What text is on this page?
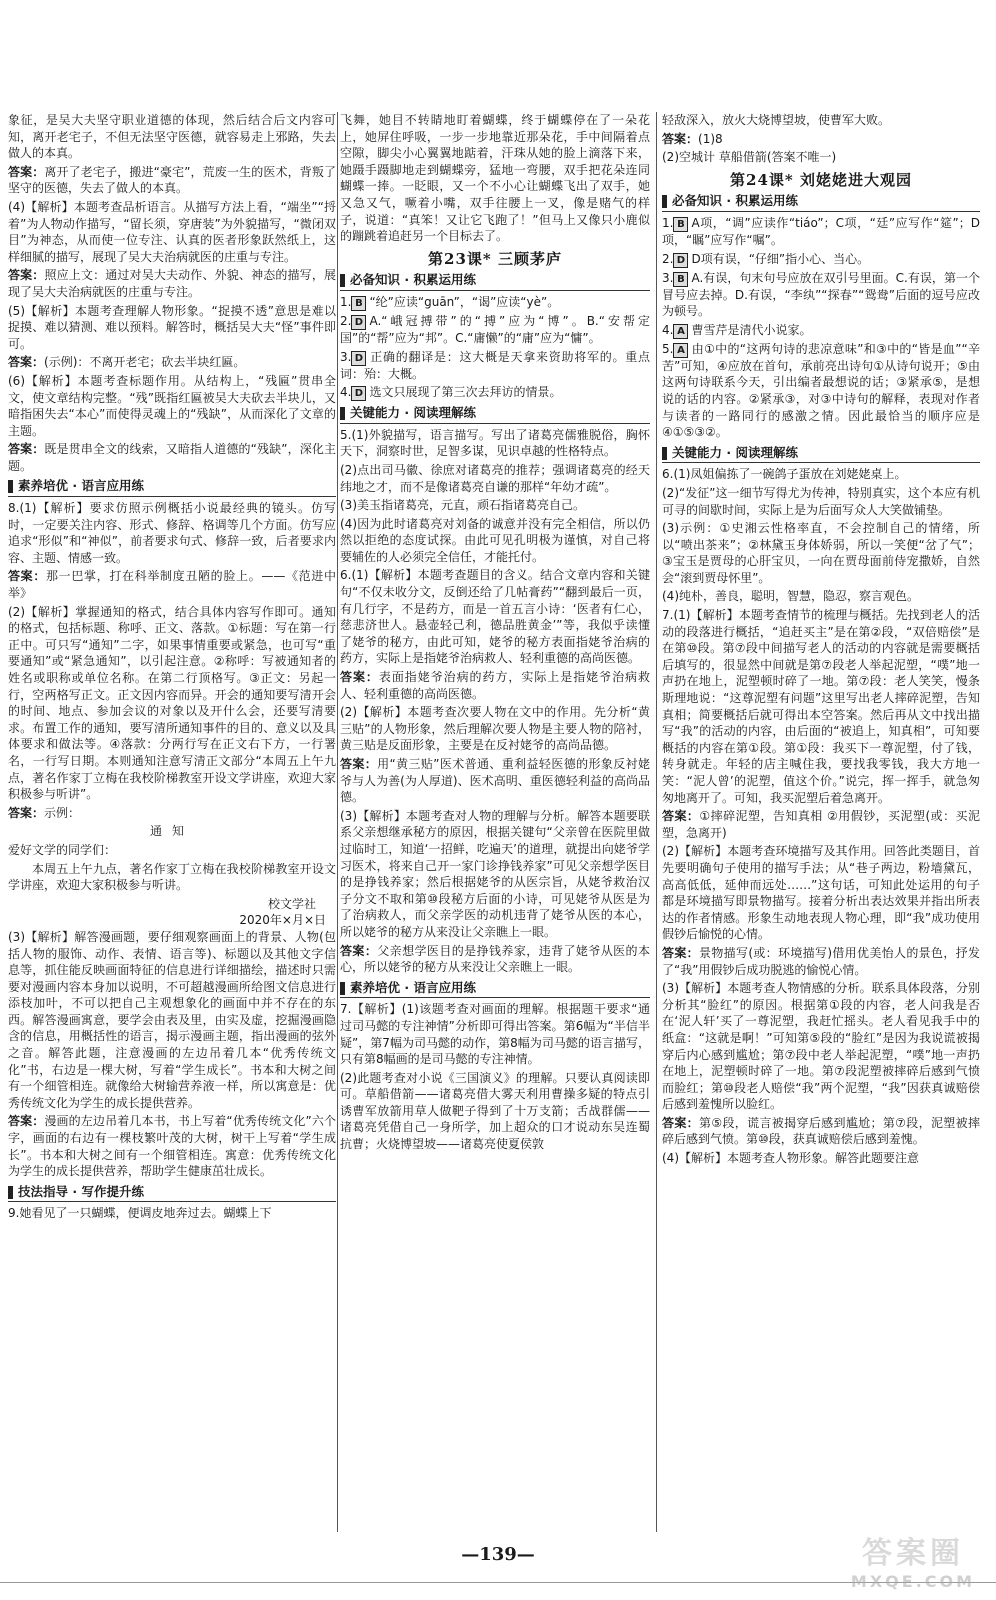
象征，是吴大夫坚守职业道德的体现，然后结合后文内容可知，离开老宅子，不但无法坚守医德，就容易走上邪路，失去做人的本真。

答案：离开了老宅子，搬进“豪宅”，荒废一生的医术，背叛了坚守的医德，失去了做人的本真。

(4)【解析】本题考查品析语言。从描写方法上看，“端坐”“捋着”为人物动作描写，“留长须，穿唐装”为外貌描写，“微闭双目”为神态，从而使一位专注、认真的医者形象跃然纸上，这样细腻的描写，展现了吴大夫治病就医的庄重与专注。

答案：照应上文：通过对吴大夫动作、外貌、神态的描写，展现了吴大夫治病就医的庄重与专注。

(5)【解析】本题考查理解人物形象。“捉摸不透”意思是难以捉摸、难以猜测、难以预料。解答时，概括吴大夫“怪”事件即可。

答案：(示例)：不离开老宅；砍去半块红匾。

(6)【解析】本题考查标题作用。从结构上，“残匾”贯串全文，使文章结构完整。“残”既指红匾被吴大夫砍去半块儿，又暗指困失去“本心”而使得灵魂上的“残缺”，从而深化了文章的主题。

答案：既是贯串全文的线索，又暗指人道德的“残缺”，深化主题。

素养培优 · 语言应用练

8.(1)【解析】要求仿照示例概括小说最经典的镜头。仿写时，一定要关注内容、形式、修辞、格调等几个方面。仿写应追求“形似”和“神似”，前者要求句式、修辞一致，后者要求内容、主题、情感一致。

答案：那一巴掌，打在科举制度丑陋的脸上。——《范进中举》

(2)【解析】掌握通知的格式，结合具体内容写作即可。通知的格式，包括标题、称呼、正文、落款。①标题：写在第一行正中。可只写“通知”二字，如果事情重要或紧急，也可写“重要通知”或“紧急通知”，以引起注意。②称呼：写被通知者的姓名或职称或单位名称。在第二行顶格写。③正文：另起一行，空两格写正文。正文因内容而异。开会的通知要写清开会的时间、地点、参加会议的对象以及开什么会，还要写清要求。布置工作的通知，要写清所通知事件的目的、意义以及具体要求和做法等。④落款：分两行写在正文右下方，一行署名，一行写日期。本则通知注意写清正文部分“本周五上午九点，著名作家丁立梅在我校阶梯教室开设文学讲座，欢迎大家积极参与听讲”。

答案：示例：

通知

爱好文学的同学们：

本周五上午九点，著名作家丁立梅在我校阶梯教室开设文学讲座，欢迎大家积极参与听讲。

校文学社

2020年×月×日

(3)【解析】解答漫画题，要仔细观察画面上的背景、人物(包括人物的服饰、动作、表情、语言等)、标题以及其他文字信息等，抓住能反映画面特征的信息进行详细描绘，描述时只需要对漫画内容本身加以说明，不可超越漫画所给图文信息进行添枝加叶，不可以把自己主观想象化的画面中并不存在的东西。解答漫画寓意，要学会由表及里，由实及虚，挖掘漫画隐含的信息，用概括性的语言，揭示漫画主题，指出漫画的弦外之音。解答此题，注意漫画的左边吊着几本“优秀传统文化”书，右边是一棵大树，写着“学生成长”。书本和大树之间有一个细管相连。就像给大树输营养液一样，所以寓意是：优秀传统文化为学生的成长提供营养。

答案：漫画的左边吊着几本书，书上写着“优秀传统文化”六个字，画面的右边有一棵枝繁叶茂的大树，树干上写着“学生成长”。书本和大树之间有一个细管相连。寓意：优秀传统文化为学生的成长提供营养，帮助学生健康茁壮成长。

技法指导 · 写作提升练

9.她看见了一只蝴蝶，便调皮地奔过去。蝴蝶上下

飞舞，她目不转睛地盯着蝴蝶，终于蝴蝶停在了一朵花上，她屏住呼吸，一步一步地靠近那朵花，手中间隔着点空隙，脚尖小心翼翼地踮着，汗珠从她的脸上滴落下来，她蹑手蹑脚地走到蝴蝶旁，猛地一弯腰，双手把花朵连同蝴蝶一捧。一眨眼，又一个不小心让蝴蝶飞出了双手，她又急又气，噘着小嘴，双手往腰上一叉，像是赌气的样子，说道：“真笨！又让它飞跑了！”但马上又像只小鹿似的蹦跳着追赶另一个目标去了。

第23课* 三顾茅庐
必备知识 · 积累运用练

1. B “纶”应读“guān”，“谒”应读“yè”。

2. D A.“峨冠搏带”的“搏”应为“博”。B.“安帮定国”的“帮”应为“邦”。C.“庸懒”的“庸”应为“慵”。

3. D 正确的翻译是：这大概是天拿来资助将军的。重点词：殆：大概。

4. D 选文只展现了第三次去拜访的情景。

关键能力 · 阅读理解练

5.(1)外貌描写，语言描写。写出了诸葛亮儒雅脱俗，胸怀天下，洞察时世，足智多谋，见识卓越的性格特点。

(2)点出司马徽、徐庶对诸葛亮的推荐；强调诸葛亮的经天纬地之才，而不是像诸葛亮自谦的那样“年幼才疏”。

(3)美玉指诸葛亮，元直，顽石指诸葛亮自己。

(4)因为此时诸葛亮对刘备的诚意并没有完全相信，所以仍然以拒绝的态度试探。由此可见孔明极为谨慎，对自己将要辅佐的人必须完全信任，才能托付。

6.(1)【解析】本题考查题目的含义。结合文章内容和关键句“不仅未收分文，反倒还给了几帖膏药”“翻到最后一页，有几行字，不是药方，而是一首五言小诗：‘医者有仁心，慈悲济世人。悬壶轻己利，德品胜黄金’”等，我似乎读懂了姥爷的秘方，由此可知，姥爷的秘方表面指姥爷治病的药方，实际上是指姥爷治病救人、轻利重德的高尚医德。

答案：表面指姥爷治病的药方，实际上是指姥爷治病救人、轻利重德的高尚医德。

(2)【解析】本题考查次要人物在文中的作用。先分析“黄三贴”的人物形象，然后理解次要人物是主要人物的陪衬，黄三贴是反面形象，主要是在反衬姥爷的高尚品德。

答案：用“黄三贴”医术普通、重利益轻医德的形象反衬姥爷与人为善(为人厚道)、医术高明、重医德轻利益的高尚品德。

(3)【解析】本题考查对人物的理解与分析。解答本题要联系父亲想继承秘方的原因，根据关键句“父亲曾在医院里做过临时工，知道‘一招鲜，吃遍天’的道理，就提出向姥爷学习医术，将来自己开一家门诊挣钱养家”可见父亲想学医目的是挣钱养家；然后根据姥爷的从医宗旨，从姥爷救治汉子分文不取和第⑩段秘方后面的小诗，可见姥爷从医是为了治病救人，而父亲学医的动机违背了姥爷从医的本心，所以姥爷的秘方从来没让父亲瞧上一眼。

答案：父亲想学医目的是挣钱养家，违背了姥爷从医的本心，所以姥爷的秘方从来没让父亲瞧上一眼。

素养培优 · 语言应用练

7.【解析】(1)该题考查对画面的理解。根据题干要求“通过司马懿的专注神情”分析即可得出答案。第6幅为“半信半疑”，第7幅为司马懿的动作，第8幅为司马懿的语言描写，只有第8幅画的是司马懿的专注神情。

(2)此题考查对小说《三国演义》的理解。只要认真阅读即可。草船借箭——诸葛亮借大雾天利用曹操多疑的特点引诱曹军放箭用草人做靶子得到了十万支箭；舌战群儒——诸葛亮凭借自己一身所学，加上超众的口才说动东吴连蜀抗曹；火烧博望坡——诸葛亮使夏侯敦

轻敌深入，放火大烧博望坡，使曹军大败。

答案：(1)8

(2)空城计 草船借箭(答案不唯一)

第24课* 刘姥姥进大观园
必备知识 · 积累运用练

1. B A项，“调”应读作“tiáo”；C项，“廷”应写作“筵”；D项，“瞩”应写作“嘱”。

2. D D项有误，“仔细”指小心、当心。

3. B A.有误，句末句号应放在双引号里面。C.有误，第一个冒号应去掉。D.有误，“李纨”“探春”“鸳鸯”后面的逗号应改为顿号。

4. A 曹雪芹是清代小说家。

5. A 由①中的“这两句诗的悲凉意味”和③中的“皆是血”“辛苦”可知，④应放在首句，承前亮出诗句①从诗句说开；⑤由这两句诗联系今天，引出编者最想说的话；③紧承⑤，是想说的话的内容。②紧承③，对③中诗句的解释，表现对作者与读者的一路同行的感激之情。因此最恰当的顺序应是④①⑤③②。

关键能力 · 阅读理解练

6.(1)凤姐偏拣了一碗鸽子蛋放在刘姥姥桌上。

(2)“发征”这一细节写得尤为传神，特别真实，这个本应有机可寻的间歇时间，实际上是为后面写众人大笑做铺垫。

(3)示例：①史湘云性格率直，不会控制自己的情绪，所以“喷出茶来”；②林黛玉身体娇弱，所以一笑便“岔了气”；③宝玉是贾母的心肝宝贝，一向在贾母面前侍宠撒娇，自然会“滚到贾母怀里”。

(4)纯朴，善良，聪明，智慧，隐忍，察言观色。

7.(1)【解析】本题考查情节的梳理与概括。先找到老人的活动的段落进行概括，“追赶买主”是在第②段，“双倍赔偿”是在第⑩段。第⑦段中间描写老人的活动的内容就是需要概括后填写的，很显然中间就是第⑦段老人举起泥塑，“噗”地一声扔在地上，泥塑顿时碎了一地。第⑦段：老人笑笑，慢条斯理地说：“这尊泥塑有问题”这里写出老人摔碎泥塑，告知真相；简要概括后就可得出本空答案。然后再从文中找出描写“我”的活动的内容，由后面的“被追上，知真相”，可知要概括的内容在第①段。第①段：我买下一尊泥塑，付了钱，转身就走。年轻的店主喊住我，要找我零钱，我大方地一笑：“泥人曾’的泥塑，值这个价。”说完，挥一挥手，就急匆匆地离开了。可知，我买泥塑后着急离开。

答案：①摔碎泥塑，告知真相 ②用假钞，买泥塑(或：买泥塑，急离开)

(2)【解析】本题考查环境描写及其作用。回答此类题目，首先要明确句子使用的描写手法；从“巷子两边，粉墙黛瓦，高高低低，延伸而远处……”这句话，可知此处运用的句子都是环境描写即景物描写。接着分析出表达效果并指出所表达的作者情感。形象生动地表现人物心理，即“我”成功使用假钞后愉悦的心情。

答案：景物描写(或：环境描写)借用优美怡人的景色，抒发了“我”用假钞后成功脱逃的愉悦心情。

(3)【解析】本题考查人物情感的分析。联系具体段落，分别分析其“脸红”的原因。根据第①段的内容，老人问我是否在‘泥人轩’买了一尊泥塑，我赶忙摇头。老人看见我手中的纸盒：“这就是啊！”可知第⑤段的“脸红”是因为我说谎被揭穿后内心感到尴尬；第⑦段中老人举起泥塑，“噗”地一声扔在地上，泥塑顿时碎了一地。第⑦段泥塑被摔碎后感到气愤而脸红；第⑩段老人赔偿“我”两个泥塑，“我”因获真诚赔偿后感到羞愧所以脸红。

答案：第⑤段，谎言被揭穿后感到尴尬；第⑦段，泥塑被摔碎后感到气愤。第⑩段，获真诚赔偿后感到羞愧。

(4)【解析】本题考查人物形象。解答此题要注意

—139—	答案圈
MXQE.COM
